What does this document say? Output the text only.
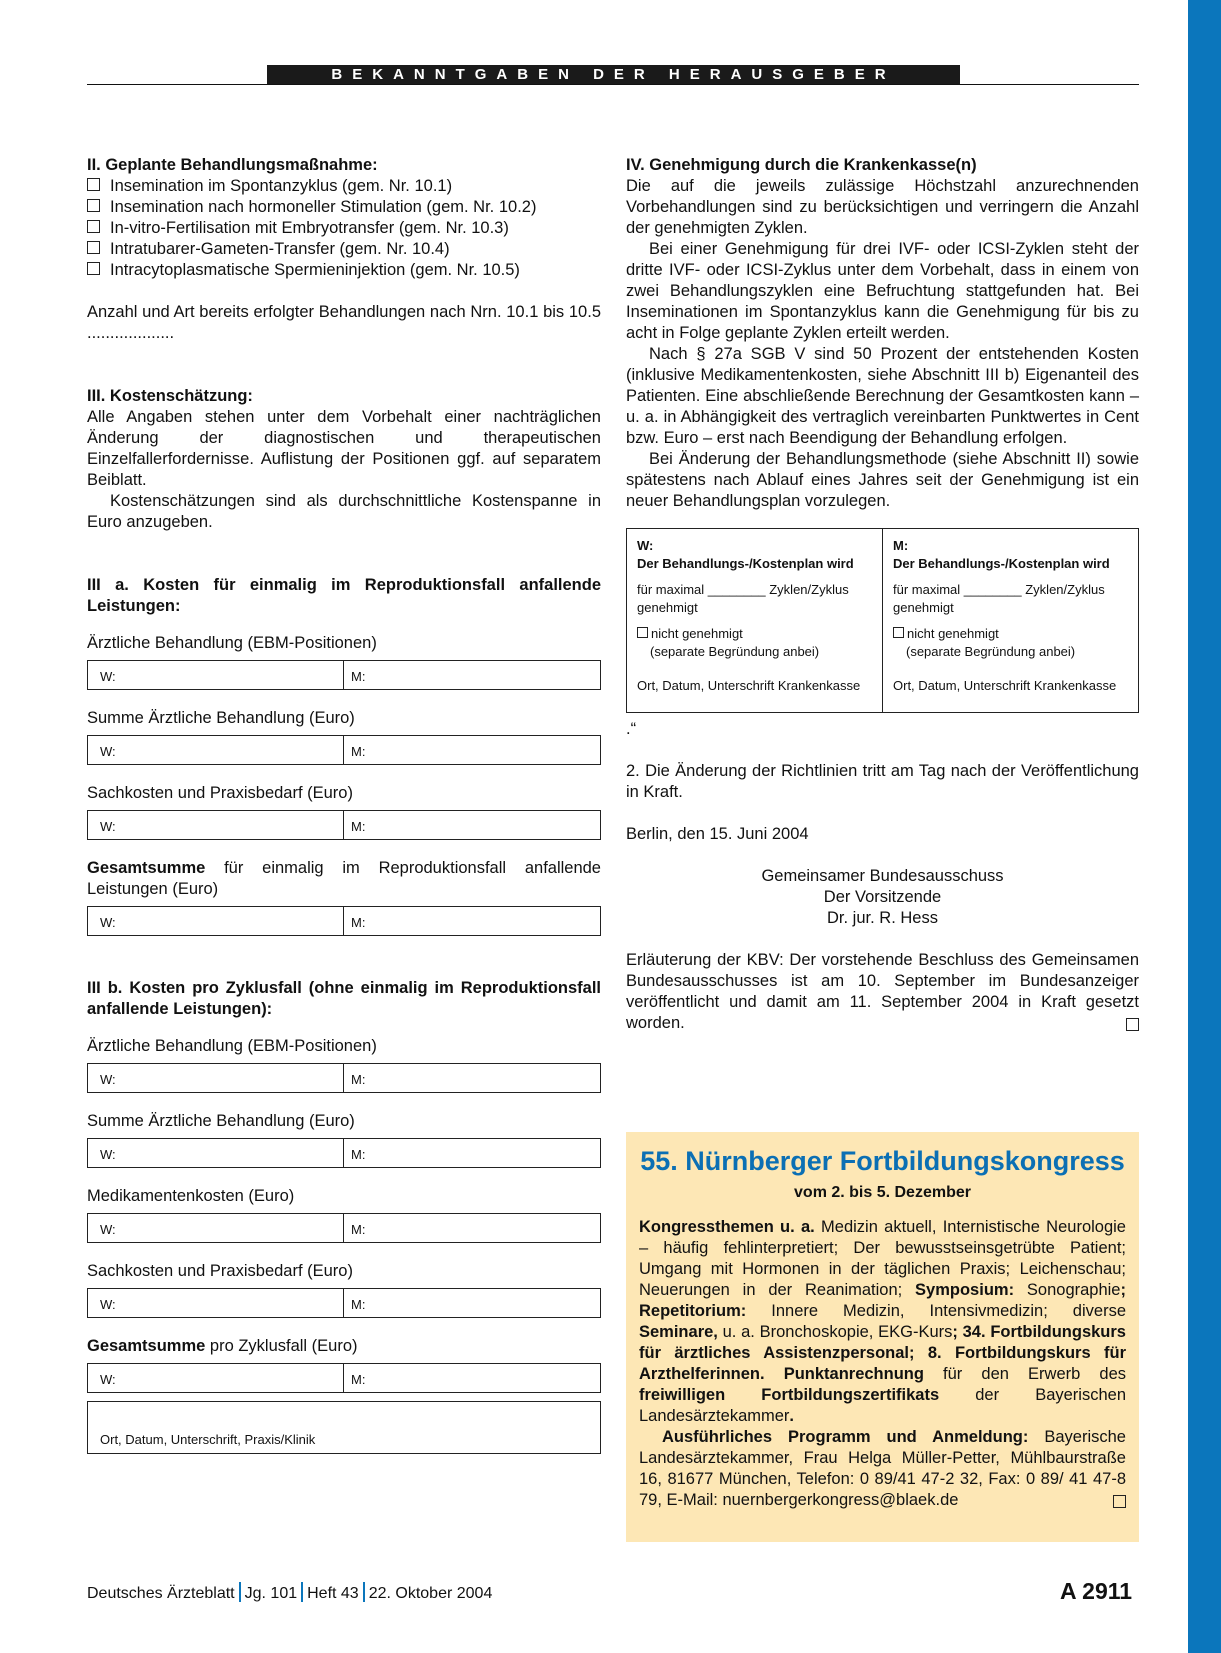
BEKANNTGABEN DER HERAUSGEBER

II. Geplante Behandlungsmaßnahme:

Insemination im Spontanzyklus (gem. Nr. 10.1)

Insemination nach hormoneller Stimulation (gem. Nr. 10.2)

In-vitro-Fertilisation mit Embryotransfer (gem. Nr. 10.3)

Intratubarer-Gameten-Transfer (gem. Nr. 10.4)

Intracytoplasmatische Spermieninjektion (gem. Nr. 10.5)

Anzahl und Art bereits erfolgter Behandlungen nach Nrn. 10.1 bis 10.5 ...................

III. Kostenschätzung:

Alle Angaben stehen unter dem Vorbehalt einer nachträglichen Änderung der diagnostischen und therapeutischen Einzelfallerfordernisse. Auflistung der Positionen ggf. auf separatem Beiblatt.

Kostenschätzungen sind als durchschnittliche Kostenspanne in Euro anzugeben.

III a. Kosten für einmalig im Reproduktionsfall anfallende Leistungen:

Ärztliche Behandlung (EBM-Positionen)

W:	M:

Summe Ärztliche Behandlung (Euro)

W:	M:

Sachkosten und Praxisbedarf (Euro)

W:	M:

Gesamtsumme für einmalig im Reproduktionsfall anfallende Leistungen (Euro)

W:	M:

III b. Kosten pro Zyklusfall (ohne einmalig im Reproduktionsfall anfallende Leistungen):

Ärztliche Behandlung (EBM-Positionen)

W:	M:

Summe Ärztliche Behandlung (Euro)

W:	M:

Medikamentenkosten (Euro)

W:	M:

Sachkosten und Praxisbedarf (Euro)

W:	M:

Gesamtsumme pro Zyklusfall (Euro)

W:	M:
Ort, Datum, Unterschrift, Praxis/Klinik

IV. Genehmigung durch die Krankenkasse(n)

Die auf die jeweils zulässige Höchstzahl anzurechnenden Vorbehandlungen sind zu berücksichtigen und verringern die Anzahl der genehmigten Zyklen.

Bei einer Genehmigung für drei IVF- oder ICSI-Zyklen steht der dritte IVF- oder ICSI-Zyklus unter dem Vorbehalt, dass in einem von zwei Behandlungszyklen eine Befruchtung stattgefunden hat. Bei Inseminationen im Spontanzyklus kann die Genehmigung für bis zu acht in Folge geplante Zyklen erteilt werden.

Nach § 27a SGB V sind 50 Prozent der entstehenden Kosten (inklusive Medikamentenkosten, siehe Abschnitt III b) Eigenanteil des Patienten. Eine abschließende Berechnung der Gesamtkosten kann – u. a. in Abhängigkeit des vertraglich vereinbarten Punktwertes in Cent bzw. Euro – erst nach Beendigung der Behandlung erfolgen.

Bei Änderung der Behandlungsmethode (siehe Abschnitt II) sowie spätestens nach Ablauf eines Jahres seit der Genehmigung ist ein neuer Behandlungsplan vorzulegen.

W:
Der Behandlungs-/Kostenplan wird
für maximal ________ Zyklen/Zyklus genehmigt
nicht genehmigt
(separate Begründung anbei)
Ort, Datum, Unterschrift Krankenkasse
M:
Der Behandlungs-/Kostenplan wird
für maximal ________ Zyklen/Zyklus genehmigt
nicht genehmigt
(separate Begründung anbei)
Ort, Datum, Unterschrift Krankenkasse

.“

2. Die Änderung der Richtlinien tritt am Tag nach der Veröffentlichung in Kraft.

Berlin, den 15. Juni 2004

Gemeinsamer Bundesausschuss

Der Vorsitzende

Dr. jur. R. Hess

Erläuterung der KBV: Der vorstehende Beschluss des Gemeinsamen Bundesausschusses ist am 10. September im Bundesanzeiger veröffentlicht und damit am 11. September 2004 in Kraft gesetzt worden.

55. Nürnberger Fortbildungskongress

vom 2. bis 5. Dezember

Kongressthemen u. a. Medizin aktuell, Internistische Neurologie – häufig fehlinterpretiert; Der bewusstseinsgetrübte Patient; Umgang mit Hormonen in der täglichen Praxis; Leichenschau; Neuerungen in der Reanimation; Symposium: Sonographie; Repetitorium: Innere Medizin, Intensivmedizin; diverse Seminare, u. a. Bronchoskopie, EKG-Kurs; 34. Fortbildungskurs für ärztliches Assistenzpersonal; 8. Fortbildungskurs für Arzthelferinnen. Punktanrechnung für den Erwerb des freiwilligen Fortbildungszertifikats der Bayerischen Landesärztekammer.

Ausführliches Programm und Anmeldung: Bayerische Landesärztekammer, Frau Helga Müller-Petter, Mühlbaurstraße 16, 81677 München, Telefon: 0 89/41 47-2 32, Fax: 0 89/ 41 47-8 79, E-Mail: nuernbergerkongress@blaek.de

Deutsches Ärzteblatt Jg. 101 Heft 43 22. Oktober 2004	A 2911
